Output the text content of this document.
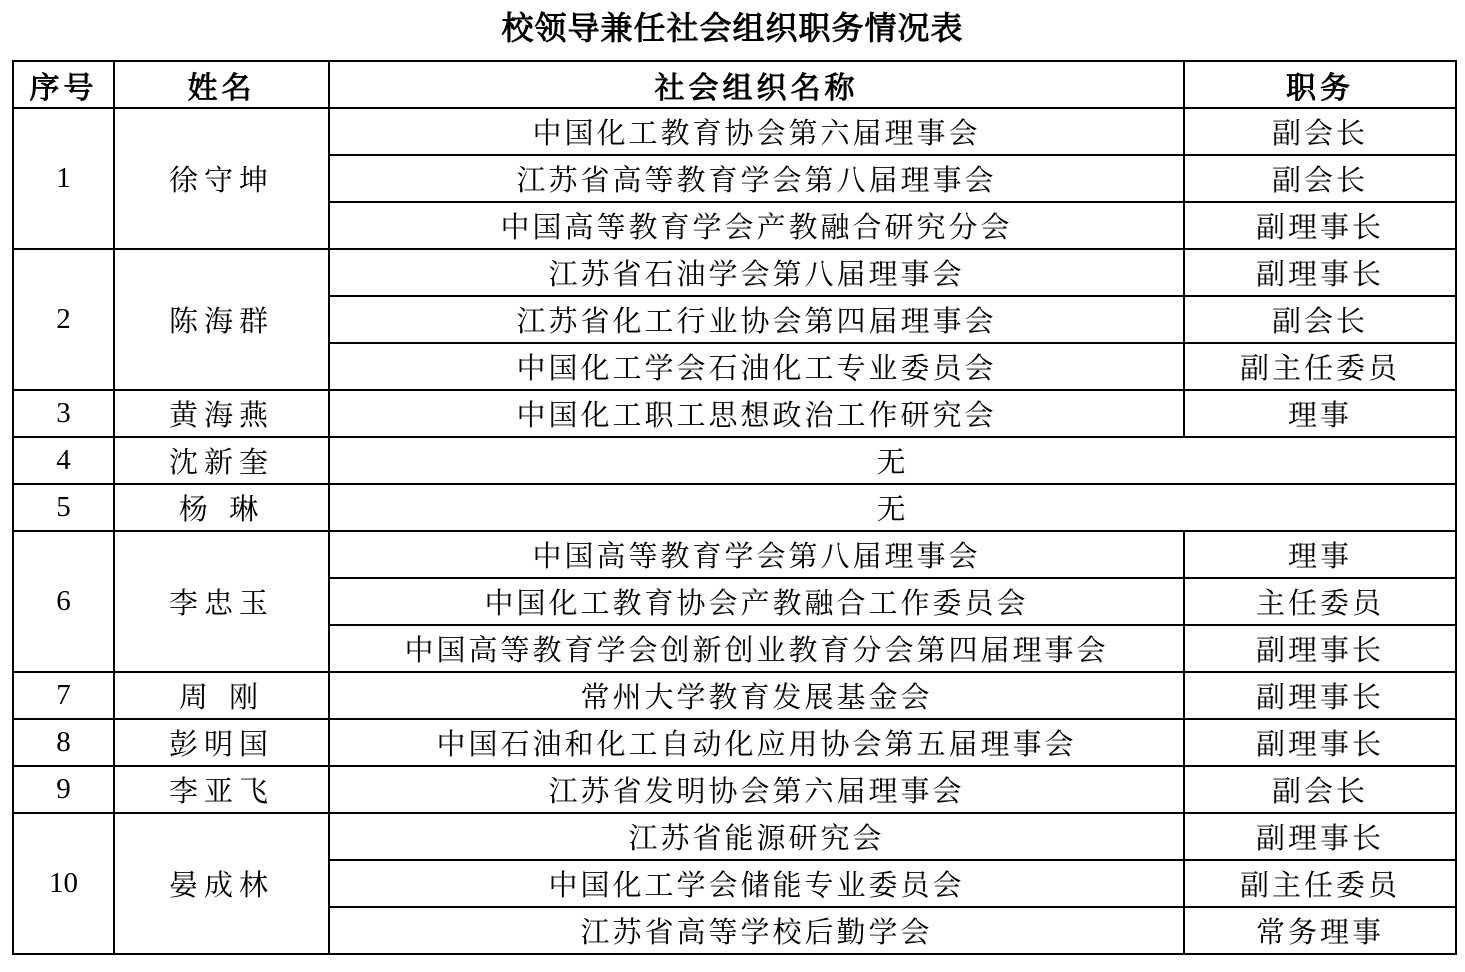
校领导兼任社会组织职务情况表
序号	姓名	社会组织名称	职务
1	徐守坤	中国化工教育协会第六届理事会	副会长
		江苏省高等教育学会第八届理事会	副会长
		中国高等教育学会产教融合研究分会	副理事长
2	陈海群	江苏省石油学会第八届理事会	副理事长
		江苏省化工行业协会第四届理事会	副会长
		中国化工学会石油化工专业委员会	副主任委员
3	黄海燕	中国化工职工思想政治工作研究会	理事
4	沈新奎	无	
5	杨 琳	无	
6	李忠玉	中国高等教育学会第八届理事会	理事
		中国化工教育协会产教融合工作委员会	主任委员
		中国高等教育学会创新创业教育分会第四届理事会	副理事长
7	周 刚	常州大学教育发展基金会	副理事长
8	彭明国	中国石油和化工自动化应用协会第五届理事会	副理事长
9	李亚飞	江苏省发明协会第六届理事会	副会长
10	晏成林	江苏省能源研究会	副理事长
		中国化工学会储能专业委员会	副主任委员
		江苏省高等学校后勤学会	常务理事
